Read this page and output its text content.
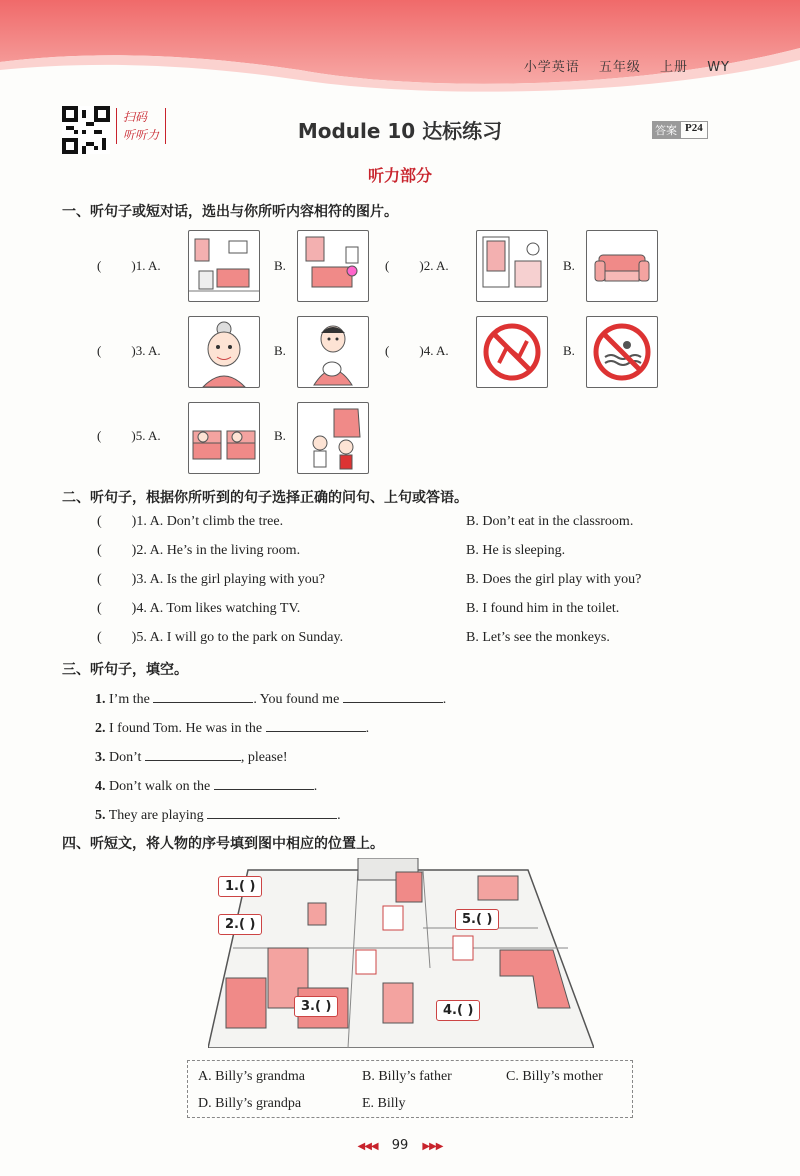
小学英语 五年级 上册 WY
扫码
听听力	Module 10 达标练习	答案 P24
听力部分
一、听句子或短对话，选出与你所听内容相符的图片。
( )1. A.	B.	( )2. A.	B.
( )3. A.	B.	( )4. A.	B.
( )5. A.	B.
二、听句子，根据你所听到的句子选择正确的问句、上句或答语。
( )1. A. Don’t climb the tree.	B. Don’t eat in the classroom.
( )2. A. He’s in the living room.	B. He is sleeping.
( )3. A. Is the girl playing with you?	B. Does the girl play with you?
( )4. A. Tom likes watching TV.	B. I found him in the toilet.
( )5. A. I will go to the park on Sunday.	B. Let’s see the monkeys.
三、听句子，填空。
1. I’m the	. You found me	.
2. I found Tom. He was in the	.
3. Don’t	, please!
4. Don’t walk on the	.
5. They are playing	.
四、听短文，将人物的序号填到图中相应的位置上。
1.( )
2.( )
3.( )	4.( )
5.( )
A. Billy’s grandma	B. Billy’s father	C. Billy’s mother
D. Billy’s grandpa	E. Billy
◀◀◀ 99 ▶▶▶
